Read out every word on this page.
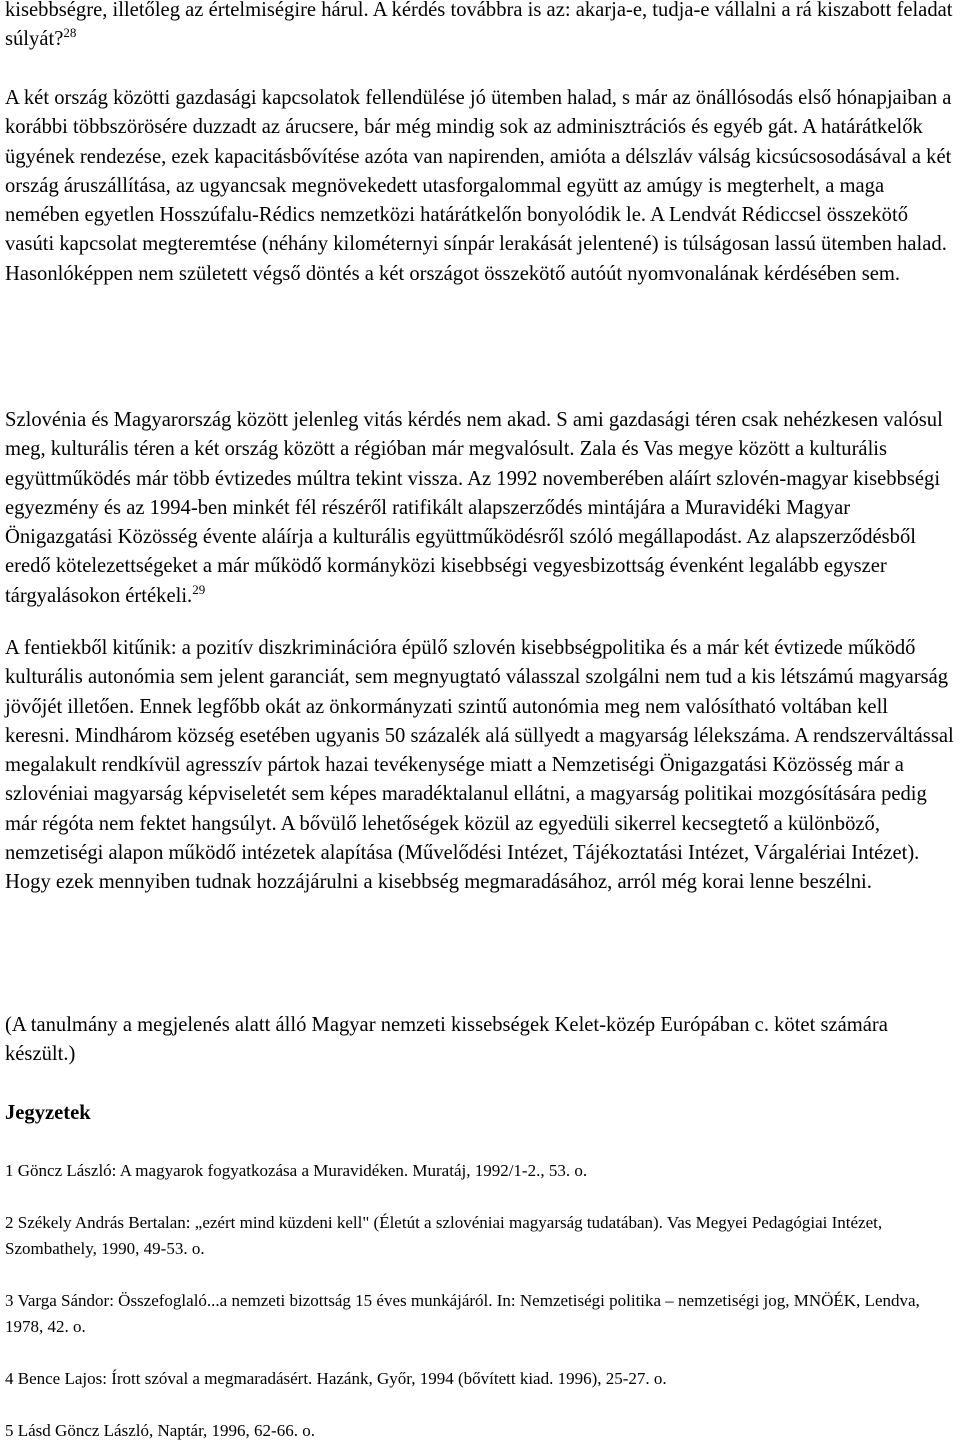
kisebbségre, illetőleg az értelmiségire hárul. A kérdés továbbra is az: akarja-e, tudja-e vállalni a rá kiszabott feladat súlyát?$^{28}$

A két ország közötti gazdasági kapcsolatok fellendülése jó ütemben halad, s már az önállósodás első hónapjaiban a korábbi többszörösére duzzadt az árucsere, bár még mindig sok az adminisztrációs és egyéb gát. A határátkelők ügyének rendezése, ezek kapacitásbővítése azóta van napirenden, amióta a délszláv válság kicsúcsosodásával a két ország áruszállítása, az ugyancsak megnövekedett utasforgalommal együtt az amúgy is megterhelt, a maga nemében egyetlen Hosszúfalu-Rédics nemzetközi határátkelőn bonyolódik le. A Lendvát Rédiccsel összekötő vasúti kapcsolat megteremtése (néhány kilométernyi sínpár lerakását jelentené) is túlságosan lassú ütemben halad. Hasonlóképpen nem született végső döntés a két országot összekötő autóút nyomvonalának kérdésében sem.

Szlovénia és Magyarország között jelenleg vitás kérdés nem akad. S ami gazdasági téren csak nehézkesen valósul meg, kulturális téren a két ország között a régióban már megvalósult. Zala és Vas megye között a kulturális együttműködés már több évtizedes múltra tekint vissza. Az 1992 novemberében aláírt szlovén-magyar kisebbségi egyezmény és az 1994-ben minkét fél részéről ratifikált alapszerződés mintájára a Muravidéki Magyar Önigazgatási Közösség évente aláírja a kulturális együttműködésről szóló megállapodást. Az alapszerződésből eredő kötelezettségeket a már működő kormányközi kisebbségi vegyesbizottság évenként legalább egyszer tárgyalásokon értékeli.$^{29}$

A fentiekből kitűnik: a pozitív diszkriminációra épülő szlovén kisebbségpolitika és a már két évtizede működő kulturális autonómia sem jelent garanciát, sem megnyugtató válasszal szolgálni nem tud a kis létszámú magyarság jövőjét illetően. Ennek legfőbb okát az önkormányzati szintű autonómia meg nem valósítható voltában kell keresni. Mindhárom község esetében ugyanis 50 százalék alá süllyedt a magyarság lélekszáma. A rendszerváltással megalakult rendkívül agresszív pártok hazai tevékenysége miatt a Nemzetiségi Önigazgatási Közösség már a szlovéniai magyarság képviseletét sem képes maradéktalanul ellátni, a magyarság politikai mozgósítására pedig már régóta nem fektet hangsúlyt. A bővülő lehetőségek közül az egyedüli sikerrel kecsegtető a különböző, nemzetiségi alapon működő intézetek alapítása (Művelődési Intézet, Tájékoztatási Intézet, Várgalériai Intézet). Hogy ezek mennyiben tudnak hozzájárulni a kisebbség megmaradásához, arról még korai lenne beszélni.

(A tanulmány a megjelenés alatt álló Magyar nemzeti kissebségek Kelet-közép Európában c. kötet számára készült.)

Jegyzetek

1 Göncz László: A magyarok fogyatkozása a Muravidéken. Muratáj, 1992/1-2., 53. o.

2 Székely András Bertalan: „ezért mind küzdeni kell" (Életút a szlovéniai magyarság tudatában). Vas Megyei Pedagógiai Intézet, Szombathely, 1990, 49-53. o.

3 Varga Sándor: Összefoglaló...a nemzeti bizottság 15 éves munkájáról. In: Nemzetiségi politika – nemzetiségi jog, MNÖÉK, Lendva, 1978, 42. o.

4 Bence Lajos: Írott szóval a megmaradásért. Hazánk, Győr, 1994 (bővített kiad. 1996), 25-27. o.

5 Lásd Göncz László, Naptár, 1996, 62-66. o.
